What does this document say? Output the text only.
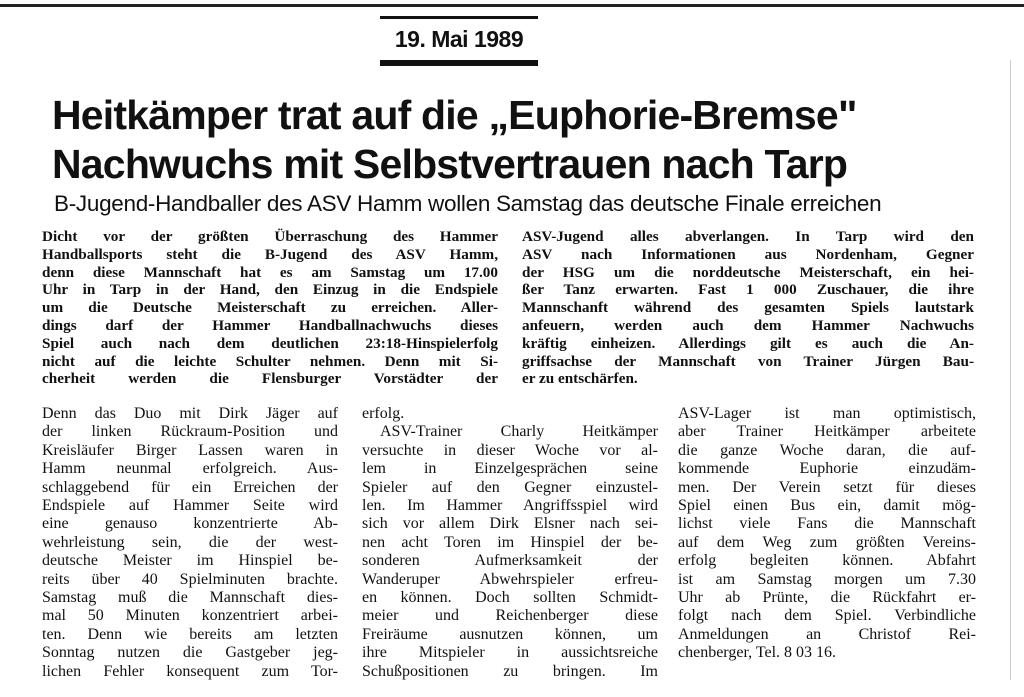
19. Mai 1989
Heitkämper trat auf die „Euphorie-Bremse"
Nachwuchs mit Selbstvertrauen nach Tarp
B-Jugend-Handballer des ASV Hamm wollen Samstag das deutsche Finale erreichen
Dicht vor der größten Überraschung des Hammer
Handballsports steht die B-Jugend des ASV Hamm,
denn diese Mannschaft hat es am Samstag um 17.00
Uhr in Tarp in der Hand, den Einzug in die Endspiele
um die Deutsche Meisterschaft zu erreichen. Aller-
dings darf der Hammer Handballnachwuchs dieses
Spiel auch nach dem deutlichen 23:18-Hinspielerfolg
nicht auf die leichte Schulter nehmen. Denn mit Si-
cherheit werden die Flensburger Vorstädter der
ASV-Jugend alles abverlangen. In Tarp wird den
ASV nach Informationen aus Nordenham, Gegner
der HSG um die norddeutsche Meisterschaft, ein hei-
ßer Tanz erwarten. Fast 1 000 Zuschauer, die ihre
Mannschanft während des gesamten Spiels lautstark
anfeuern, werden auch dem Hammer Nachwuchs
kräftig einheizen. Allerdings gilt es auch die An-
griffsachse der Mannschaft von Trainer Jürgen Bau-
er zu entschärfen.
Denn das Duo mit Dirk Jäger auf
der linken Rückraum-Position und
Kreisläufer Birger Lassen waren in
Hamm neunmal erfolgreich. Aus-
schlaggebend für ein Erreichen der
Endspiele auf Hammer Seite wird
eine genauso konzentrierte Ab-
wehrleistung sein, die der west-
deutsche Meister im Hinspiel be-
reits über 40 Spielminuten brachte.
Samstag muß die Mannschaft dies-
mal 50 Minuten konzentriert arbei-
ten. Denn wie bereits am letzten
Sonntag nutzen die Gastgeber jeg-
lichen Fehler konsequent zum Tor-
erfolg.
ASV-Trainer Charly Heitkämper
versuchte in dieser Woche vor al-
lem in Einzelgesprächen seine
Spieler auf den Gegner einzustel-
len. Im Hammer Angriffsspiel wird
sich vor allem Dirk Elsner nach sei-
nen acht Toren im Hinspiel der be-
sonderen Aufmerksamkeit der
Wanderuper Abwehrspieler erfreu-
en können. Doch sollten Schmidt-
meier und Reichenberger diese
Freiräume ausnutzen können, um
ihre Mitspieler in aussichtsreiche
Schußpositionen zu bringen. Im
ASV-Lager ist man optimistisch,
aber Trainer Heitkämper arbeitete
die ganze Woche daran, die auf-
kommende Euphorie einzudäm-
men. Der Verein setzt für dieses
Spiel einen Bus ein, damit mög-
lichst viele Fans die Mannschaft
auf dem Weg zum größten Vereins-
erfolg begleiten können. Abfahrt
ist am Samstag morgen um 7.30
Uhr ab Prünte, die Rückfahrt er-
folgt nach dem Spiel. Verbindliche
Anmeldungen an Christof Rei-
chenberger, Tel. 8 03 16.
